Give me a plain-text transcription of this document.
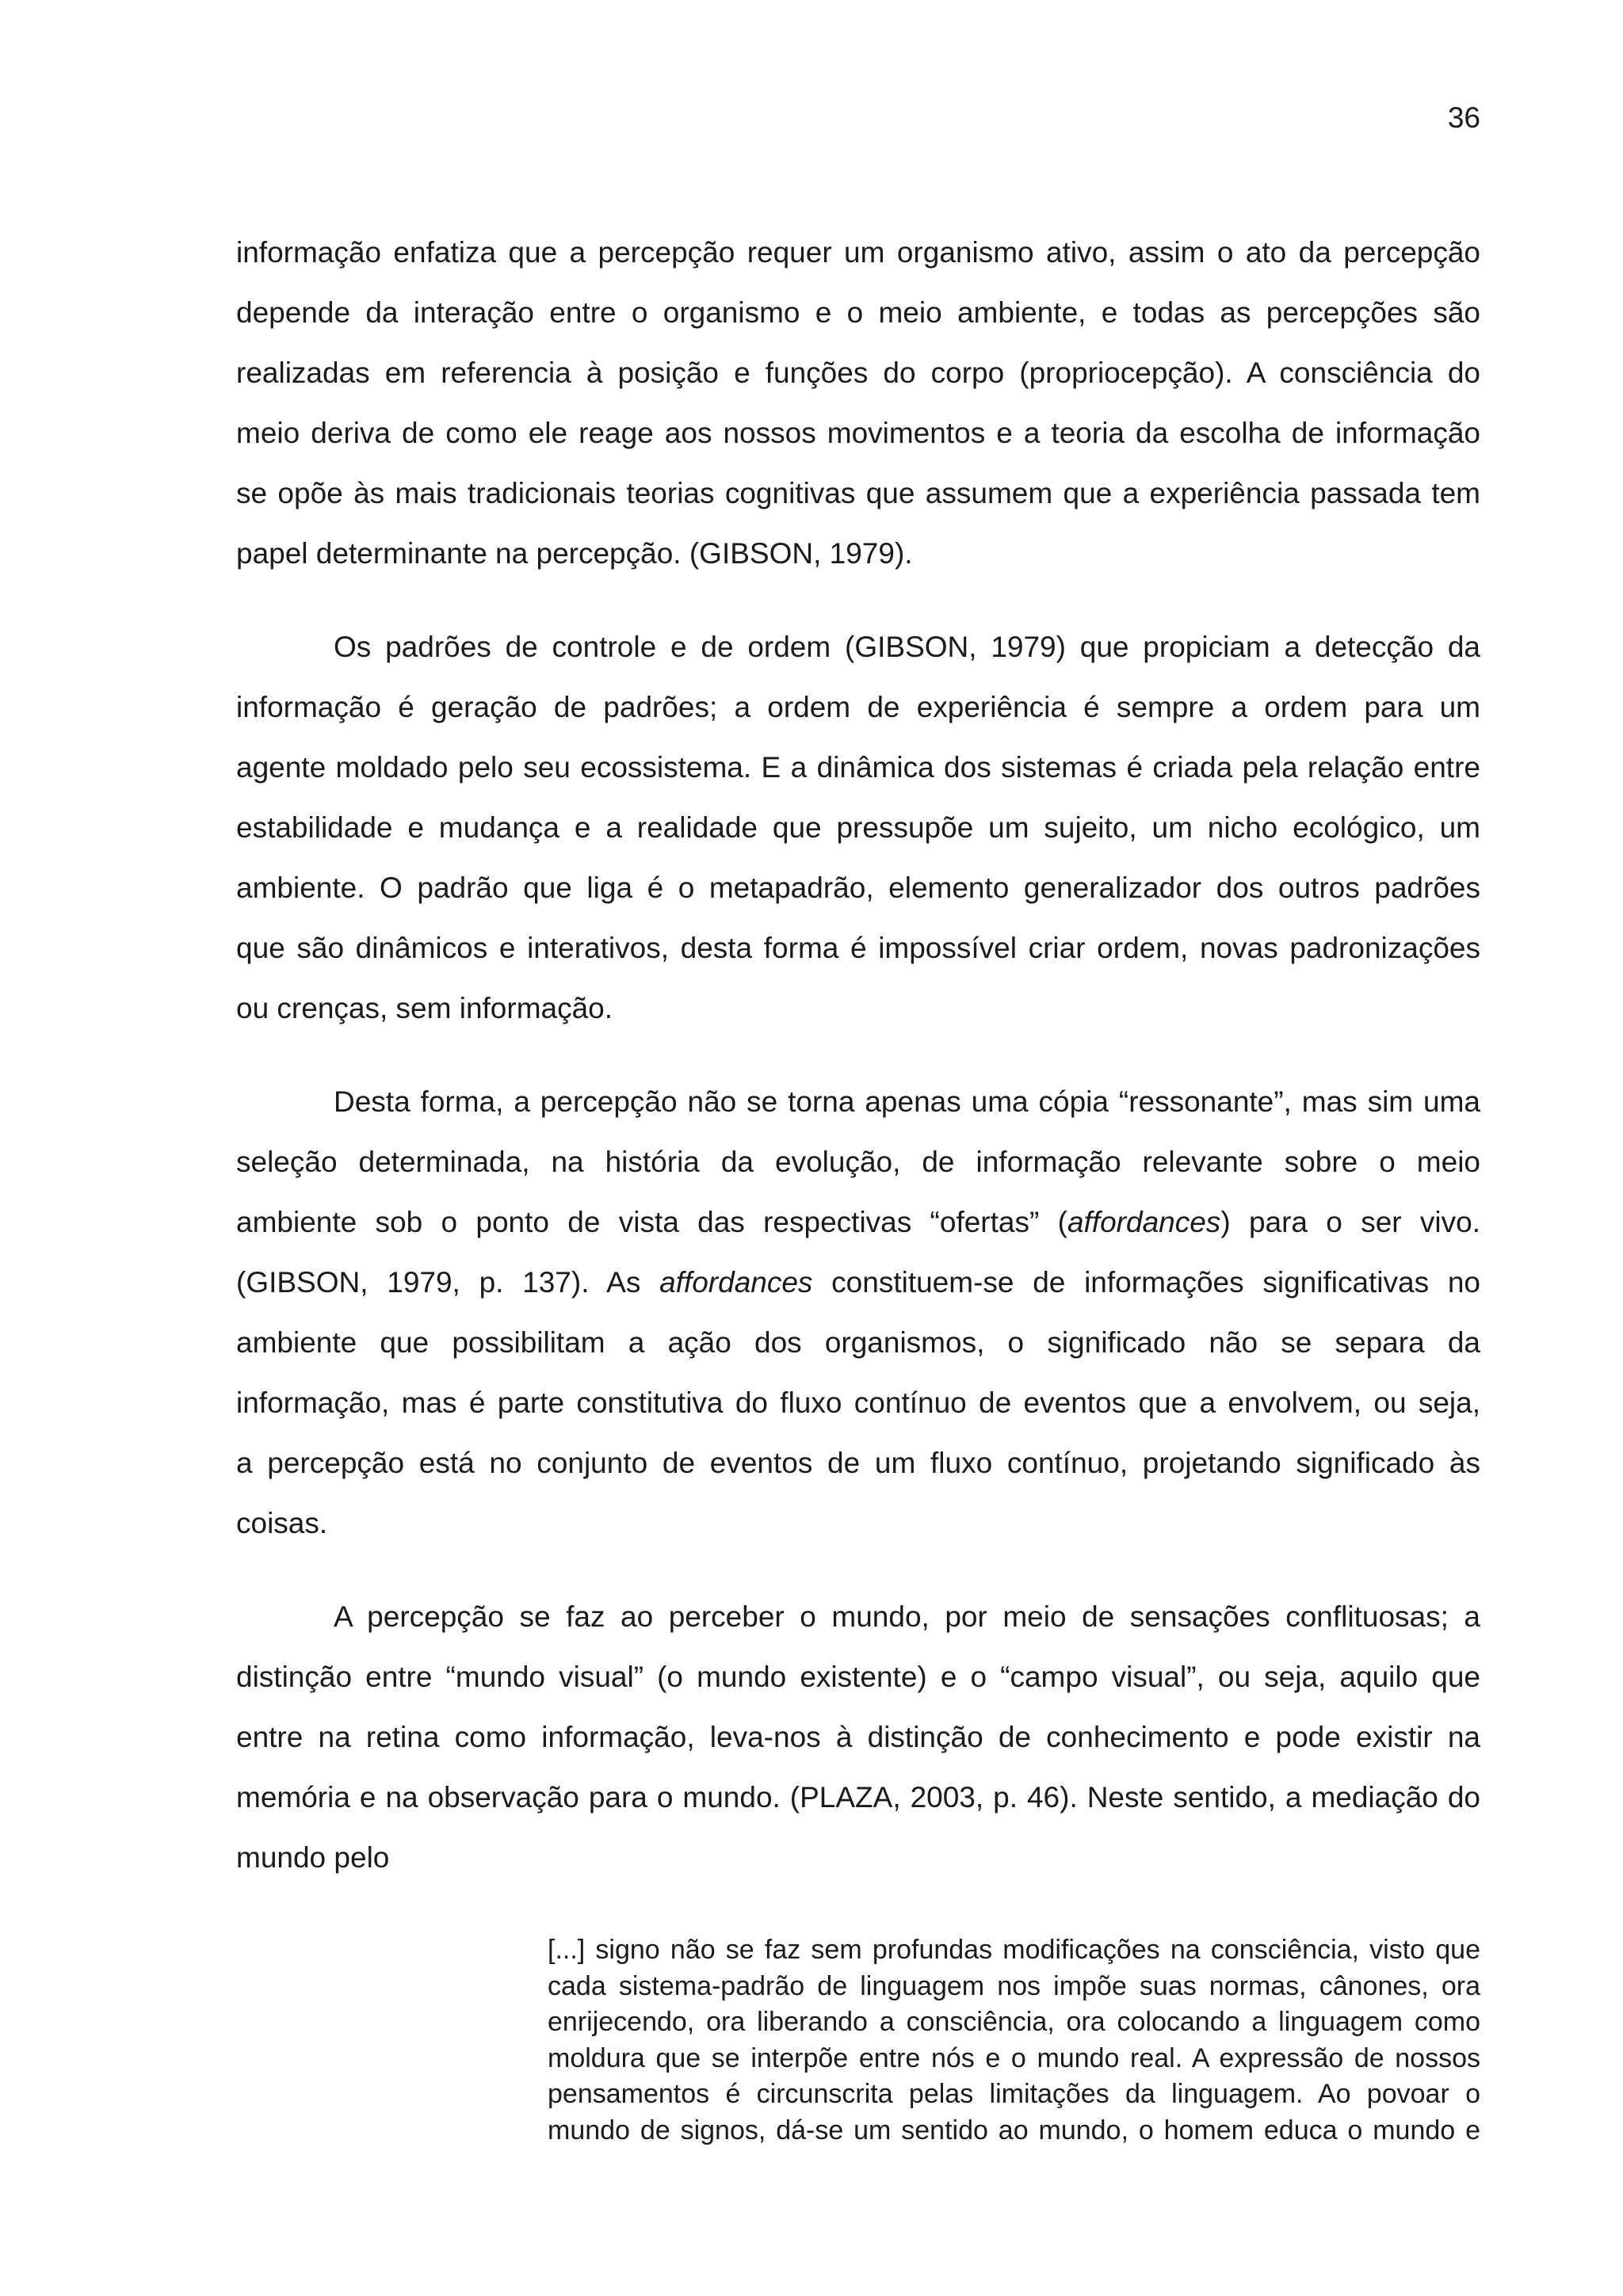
36
informação enfatiza que a percepção requer um organismo ativo, assim o ato da percepção
depende da interação entre o organismo e o meio ambiente, e todas as percepções são
realizadas em referencia à posição e funções do corpo (propriocepção). A consciência do
meio deriva de como ele reage aos nossos movimentos e a teoria da escolha de informação
se opõe às mais tradicionais teorias cognitivas que assumem que a experiência passada tem
papel determinante na percepção. (GIBSON, 1979).
Os padrões de controle e de ordem (GIBSON, 1979) que propiciam a detecção da
informação é geração de padrões; a ordem de experiência é sempre a ordem para um
agente moldado pelo seu ecossistema. E a dinâmica dos sistemas é criada pela relação entre
estabilidade e mudança e a realidade que pressupõe um sujeito, um nicho ecológico, um
ambiente. O padrão que liga é o metapadrão, elemento generalizador dos outros padrões
que são dinâmicos e interativos, desta forma é impossível criar ordem, novas padronizações
ou crenças, sem informação.
Desta forma, a percepção não se torna apenas uma cópia “ressonante”, mas sim uma
seleção determinada, na história da evolução, de informação relevante sobre o meio
ambiente sob o ponto de vista das respectivas “ofertas” (affordances) para o ser vivo.
(GIBSON, 1979, p. 137). As affordances constituem-se de informações significativas no
ambiente que possibilitam a ação dos organismos, o significado não se separa da
informação, mas é parte constitutiva do fluxo contínuo de eventos que a envolvem, ou seja,
a percepção está no conjunto de eventos de um fluxo contínuo, projetando significado às
coisas.
A percepção se faz ao perceber o mundo, por meio de sensações conflituosas; a
distinção entre “mundo visual” (o mundo existente) e o “campo visual”, ou seja, aquilo que
entre na retina como informação, leva-nos à distinção de conhecimento e pode existir na
memória e na observação para o mundo. (PLAZA, 2003, p. 46). Neste sentido, a mediação do
mundo pelo
[...] signo não se faz sem profundas modificações na consciência, visto que
cada sistema-padrão de linguagem nos impõe suas normas, cânones, ora
enrijecendo, ora liberando a consciência, ora colocando a linguagem como
moldura que se interpõe entre nós e o mundo real. A expressão de nossos
pensamentos é circunscrita pelas limitações da linguagem. Ao povoar o
mundo de signos, dá-se um sentido ao mundo, o homem educa o mundo e
